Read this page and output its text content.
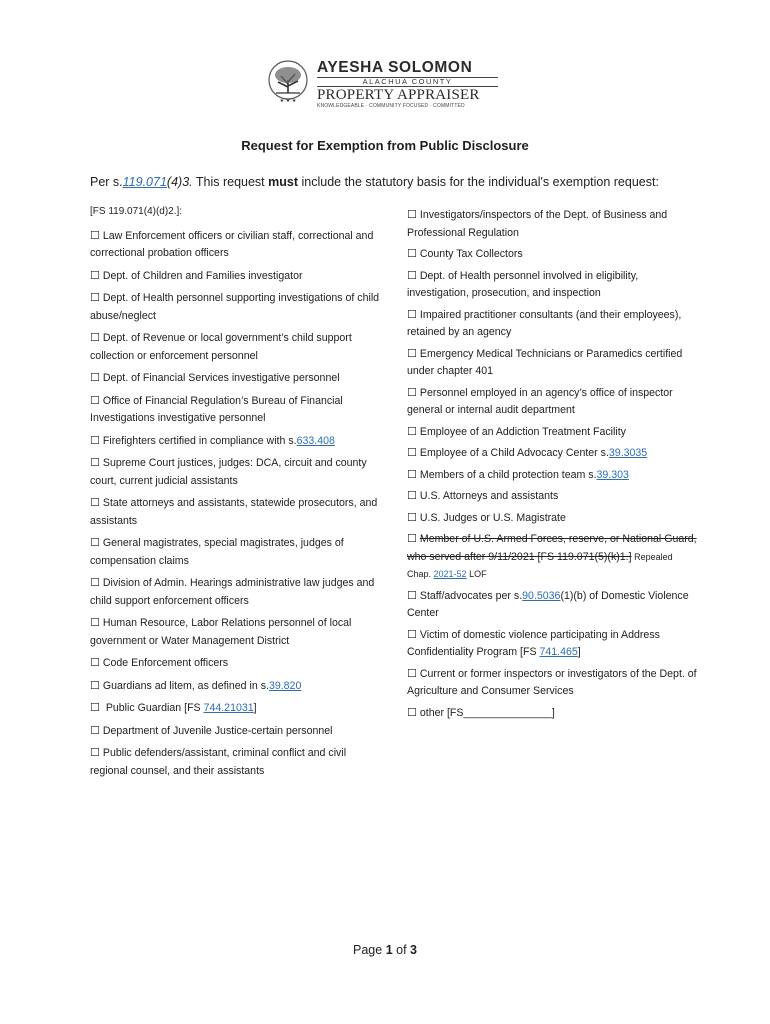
★ ★ ★
AYESHA SOLOMON
ALACHUA COUNTY
PROPERTY APPRAISER
KNOWLEDGEABLE · COMMUNITY FOCUSED · COMMITTED
Request for Exemption from Public Disclosure
Per s.119.071(4)3. This request must include the statutory basis for the individual's exemption request:
[FS 119.071(4)(d)2.]:
☐ Law Enforcement officers or civilian staff, correctional and correctional probation officers
☐ Dept. of Children and Families investigator
☐ Dept. of Health personnel supporting investigations of child abuse/neglect
☐ Dept. of Revenue or local government’s child support collection or enforcement personnel
☐ Dept. of Financial Services investigative personnel
☐ Office of Financial Regulation’s Bureau of Financial Investigations investigative personnel
☐ Firefighters certified in compliance with s.633.408
☐ Supreme Court justices, judges: DCA, circuit and county court, current judicial assistants
☐ State attorneys and assistants, statewide prosecutors, and assistants
☐ General magistrates, special magistrates, judges of compensation claims
☐ Division of Admin. Hearings administrative law judges and child support enforcement officers
☐ Human Resource, Labor Relations personnel of local government or Water Management District
☐ Code Enforcement officers
☐ Guardians ad litem, as defined in s.39.820
☐ Public Guardian [FS 744.21031]
☐ Department of Juvenile Justice-certain personnel
☐ Public defenders/assistant, criminal conflict and civil regional counsel, and their assistants
☐ Investigators/inspectors of the Dept. of Business and Professional Regulation
☐ County Tax Collectors
☐ Dept. of Health personnel involved in eligibility, investigation, prosecution, and inspection
☐ Impaired practitioner consultants (and their employees), retained by an agency
☐ Emergency Medical Technicians or Paramedics certified under chapter 401
☐ Personnel employed in an agency’s office of inspector general or internal audit department
☐ Employee of an Addiction Treatment Facility
☐ Employee of a Child Advocacy Center s.39.3035
☐ Members of a child protection team s.39.303
☐ U.S. Attorneys and assistants
☐ U.S. Judges or U.S. Magistrate
☐ Member of U.S. Armed Forces, reserve, or National Guard, who served after 9/11/2021 [FS 119.071(5)(k)1.] Repealed Chap. 2021-52 LOF
☐ Staff/advocates per s.90.5036(1)(b) of Domestic Violence Center
☐ Victim of domestic violence participating in Address Confidentiality Program [FS 741.465]
☐ Current or former inspectors or investigators of the Dept. of Agriculture and Consumer Services
☐ other [FS_______________]
Page 1 of 3
